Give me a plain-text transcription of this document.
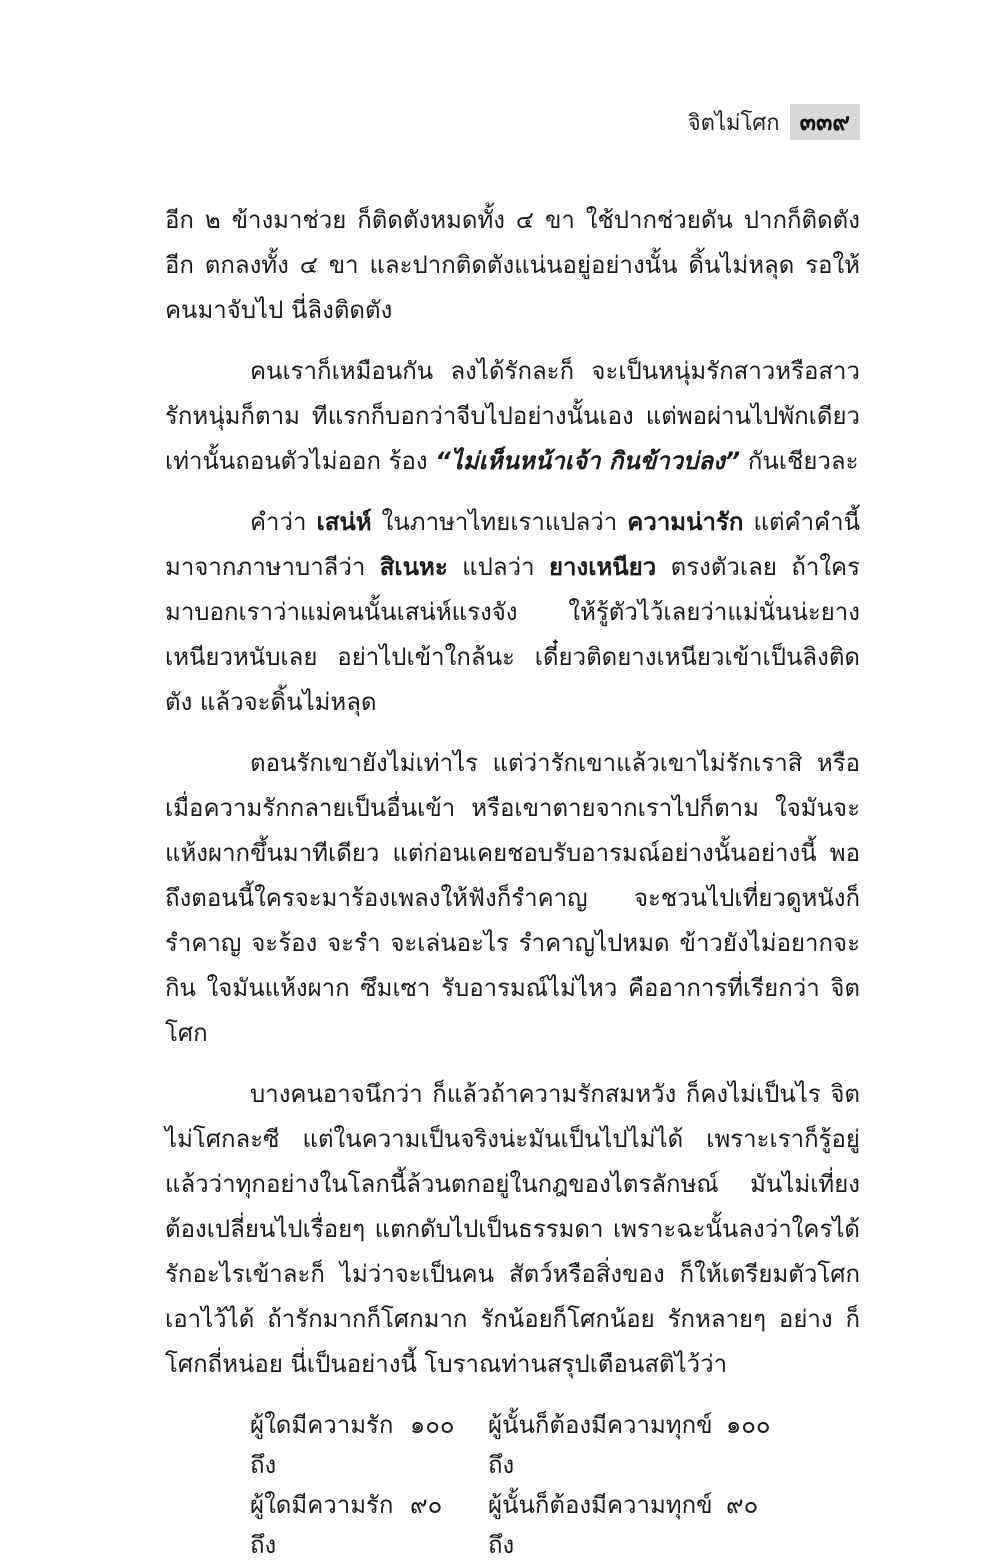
จิตไม่โศก ๓๓๙

อีก ๒ ข้างมาช่วย ก็ติดตังหมดทั้ง ๔ ขา ใช้ปากช่วยดัน ปากก็ติดตังอีก ตกลงทั้ง ๔ ขา และปากติดตังแน่นอยู่อย่างนั้น ดิ้นไม่หลุด รอให้คนมาจับไป นี่ลิงติดตัง

คนเราก็เหมือนกัน ลงได้รักละก็ จะเป็นหนุ่มรักสาวหรือสาวรักหนุ่มก็ตาม ทีแรกก็บอกว่าจีบไปอย่างนั้นเอง แต่พอผ่านไปพักเดียวเท่านั้นถอนตัวไม่ออก ร้อง “ไม่เห็นหน้าเจ้า กินข้าวบ่ลง” กันเชียวละ

คำว่า เสน่ห์ ในภาษาไทยเราแปลว่า ความน่ารัก แต่คำคำนี้มาจากภาษาบาลีว่า สิเนหะ แปลว่า ยางเหนียว ตรงตัวเลย ถ้าใครมาบอกเราว่าแม่คนนั้นเสน่ห์แรงจัง ให้รู้ตัวไว้เลยว่าแม่นั่นน่ะยางเหนียวหนับเลย อย่าไปเข้าใกล้นะ เดี๋ยวติดยางเหนียวเข้าเป็นลิงติดตัง แล้วจะดิ้นไม่หลุด

ตอนรักเขายังไม่เท่าไร แต่ว่ารักเขาแล้วเขาไม่รักเราสิ หรือเมื่อความรักกลายเป็นอื่นเข้า หรือเขาตายจากเราไปก็ตาม ใจมันจะแห้งผากขึ้นมาทีเดียว แต่ก่อนเคยชอบรับอารมณ์อย่างนั้นอย่างนี้ พอถึงตอนนี้ใครจะมาร้องเพลงให้ฟังก็รำคาญ จะชวนไปเที่ยวดูหนังก็รำคาญ จะร้อง จะรำ จะเล่นอะไร รำคาญไปหมด ข้าวยังไม่อยากจะกิน ใจมันแห้งผาก ซึมเซา รับอารมณ์ไม่ไหว คืออาการที่เรียกว่า จิตโศก

บางคนอาจนึกว่า ก็แล้วถ้าความรักสมหวัง ก็คงไม่เป็นไร จิตไม่โศกละซี แต่ในความเป็นจริงน่ะมันเป็นไปไม่ได้ เพราะเราก็รู้อยู่แล้วว่าทุกอย่างในโลกนี้ล้วนตกอยู่ในกฎของไตรลักษณ์ มันไม่เที่ยง ต้องเปลี่ยนไปเรื่อยๆ แตกดับไปเป็นธรรมดา เพราะฉะนั้นลงว่าใครได้รักอะไรเข้าละก็ ไม่ว่าจะเป็นคน สัตว์หรือสิ่งของ ก็ให้เตรียมตัวโศกเอาไว้ได้ ถ้ารักมากก็โศกมาก รักน้อยก็โศกน้อย รักหลายๆ อย่าง ก็โศกถี่หน่อย นี่เป็นอย่างนี้ โบราณท่านสรุปเตือนสติไว้ว่า

ผู้ใดมีความรักถึง	๑๐๐	ผู้นั้นก็ต้องมีความทุกข์ถึง	๑๐๐
ผู้ใดมีความรักถึง	๙๐	ผู้นั้นก็ต้องมีความทุกข์ถึง	๙๐
